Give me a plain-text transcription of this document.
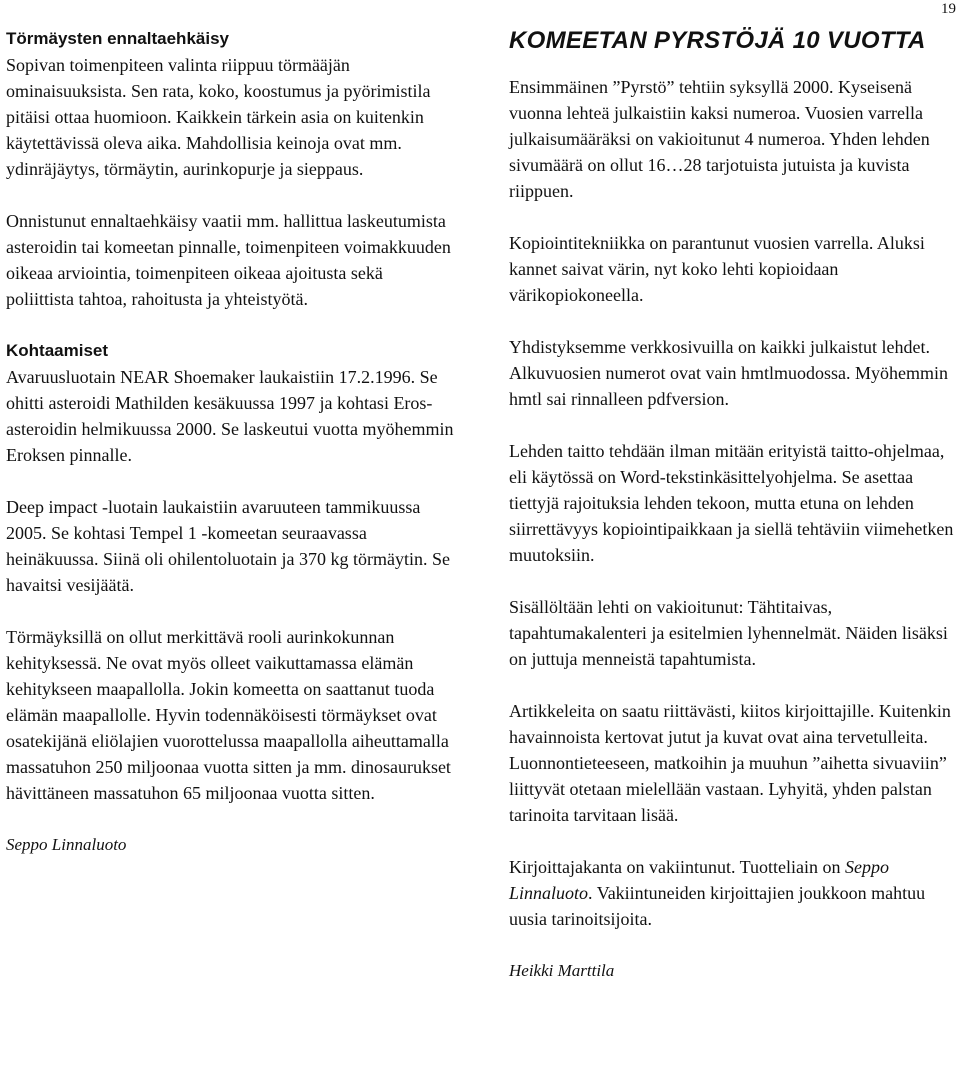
19

Törmäysten ennaltaehkäisy

Sopivan toimenpiteen valinta riippuu törmääjän ominaisuuksista. Sen rata, koko, koostumus ja pyörimistila pitäisi ottaa huomioon. Kaikkein tärkein asia on kuitenkin käytettävissä oleva aika. Mahdollisia keinoja ovat mm. ydinräjäytys, törmäytin, aurinkopurje ja sieppaus.

Onnistunut ennaltaehkäisy vaatii mm. hallittua laskeutumista asteroidin tai komeetan pinnalle, toimenpiteen voimakkuuden oikeaa arviointia, toimenpiteen oikeaa ajoitusta sekä poliittista tahtoa, rahoitusta ja yhteistyötä.

Kohtaamiset

Avaruusluotain NEAR Shoemaker laukaistiin 17.2.1996. Se ohitti asteroidi Mathilden kesäkuussa 1997 ja kohtasi Eros-asteroidin helmikuussa 2000. Se laskeutui vuotta myöhemmin Eroksen pinnalle.

Deep impact -luotain laukaistiin avaruuteen tammikuussa 2005. Se kohtasi Tempel 1 -komeetan seuraavassa heinäkuussa. Siinä oli ohilentoluotain ja 370 kg törmäytin. Se havaitsi vesijäätä.

Törmäyksillä on ollut merkittävä rooli aurinkokunnan kehityksessä. Ne ovat myös olleet vaikuttamassa elämän kehitykseen maapallolla. Jokin komeetta on saattanut tuoda elämän maapallolle. Hyvin todennäköisesti törmäykset ovat osatekijänä eliölajien vuorottelussa maapallolla aiheuttamalla massatuhon 250 miljoonaa vuotta sitten ja mm. dinosaurukset hävittäneen massatuhon 65 miljoonaa vuotta sitten.

Seppo Linnaluoto

KOMEETAN PYRSTÖJÄ 10 VUOTTA

Ensimmäinen ”Pyrstö” tehtiin syksyllä 2000. Kyseisenä vuonna lehteä julkaistiin kaksi numeroa. Vuosien varrella julkaisumääräksi on vakioitunut 4 numeroa. Yhden lehden sivumäärä on ollut 16…28 tarjotuista jutuista ja kuvista riippuen.

Kopiointitekniikka on parantunut vuosien varrella. Aluksi kannet saivat värin, nyt koko lehti kopioidaan värikopiokoneella.

Yhdistyksemme verkkosivuilla on kaikki julkaistut lehdet. Alkuvuosien numerot ovat vain hmtlmuodossa. Myöhemmin hmtl sai rinnalleen pdfversion.

Lehden taitto tehdään ilman mitään erityistä taitto-ohjelmaa, eli käytössä on Word-tekstinkäsittelyohjelma. Se asettaa tiettyjä rajoituksia lehden tekoon, mutta etuna on lehden siirrettävyys kopiointipaikkaan ja siellä tehtäviin viimehetken muutoksiin.

Sisällöltään lehti on vakioitunut: Tähtitaivas, tapahtumakalenteri ja esitelmien lyhennelmät. Näiden lisäksi on juttuja menneistä tapahtumista.

Artikkeleita on saatu riittävästi, kiitos kirjoittajille. Kuitenkin havainnoista kertovat jutut ja kuvat ovat aina tervetulleita. Luonnontieteeseen, matkoihin ja muuhun ”aihetta sivuaviin” liittyvät otetaan mielellään vastaan. Lyhyitä, yhden palstan tarinoita tarvitaan lisää.

Kirjoittajakanta on vakiintunut. Tuotteliain on Seppo Linnaluoto. Vakiintuneiden kirjoittajien joukkoon mahtuu uusia tarinoitsijoita.

Heikki Marttila
